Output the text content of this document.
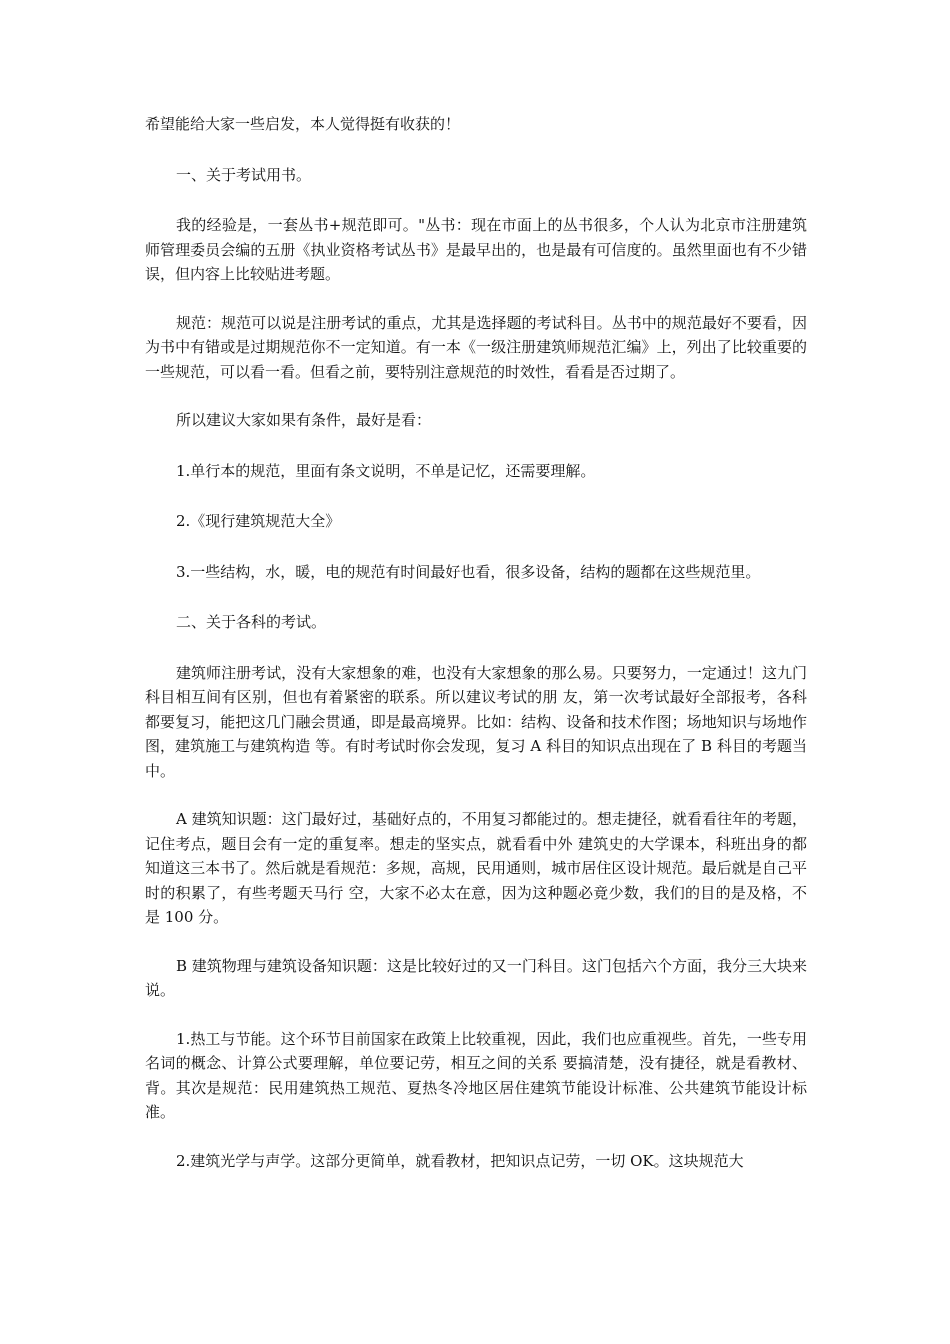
希望能给大家一些启发，本人觉得挺有收获的！

一、关于考试用书。

我的经验是，一套丛书+规范即可。"丛书：现在市面上的丛书很多，个人认为北京市注册建筑师管理委员会编的五册《执业资格考试丛书》是最早出的，也是最有可信度的。虽然里面也有不少错误，但内容上比较贴进考题。

规范：规范可以说是注册考试的重点，尤其是选择题的考试科目。丛书中的规范最好不要看，因为书中有错或是过期规范你不一定知道。有一本《一级注册建筑师规范汇编》上，列出了比较重要的一些规范，可以看一看。但看之前，要特别注意规范的时效性，看看是否过期了。

所以建议大家如果有条件，最好是看：

1.单行本的规范，里面有条文说明，不单是记忆，还需要理解。

2.《现行建筑规范大全》

3.一些结构，水，暖，电的规范有时间最好也看，很多设备，结构的题都在这些规范里。

二、关于各科的考试。

建筑师注册考试，没有大家想象的难，也没有大家想象的那么易。只要努力，一定通过！这九门科目相互间有区别，但也有着紧密的联系。所以建议考试的朋 友，第一次考试最好全部报考，各科都要复习，能把这几门融会贯通，即是最高境界。比如：结构、设备和技术作图；场地知识与场地作图，建筑施工与建筑构造 等。有时考试时你会发现，复习 A 科目的知识点出现在了 B 科目的考题当中。

A 建筑知识题：这门最好过，基础好点的，不用复习都能过的。想走捷径，就看看往年的考题，记住考点，题目会有一定的重复率。想走的坚实点，就看看中外 建筑史的大学课本，科班出身的都知道这三本书了。然后就是看规范：多规，高规，民用通则，城市居住区设计规范。最后就是自己平时的积累了，有些考题天马行 空，大家不必太在意，因为这种题必竟少数，我们的目的是及格，不是 100 分。

B 建筑物理与建筑设备知识题：这是比较好过的又一门科目。这门包括六个方面，我分三大块来说。

1.热工与节能。这个环节目前国家在政策上比较重视，因此，我们也应重视些。首先，一些专用名词的概念、计算公式要理解，单位要记劳，相互之间的关系 要搞清楚，没有捷径，就是看教材、背。其次是规范：民用建筑热工规范、夏热冬冷地区居住建筑节能设计标准、公共建筑节能设计标准。

2.建筑光学与声学。这部分更简单，就看教材，把知识点记劳，一切 OK。这块规范大
